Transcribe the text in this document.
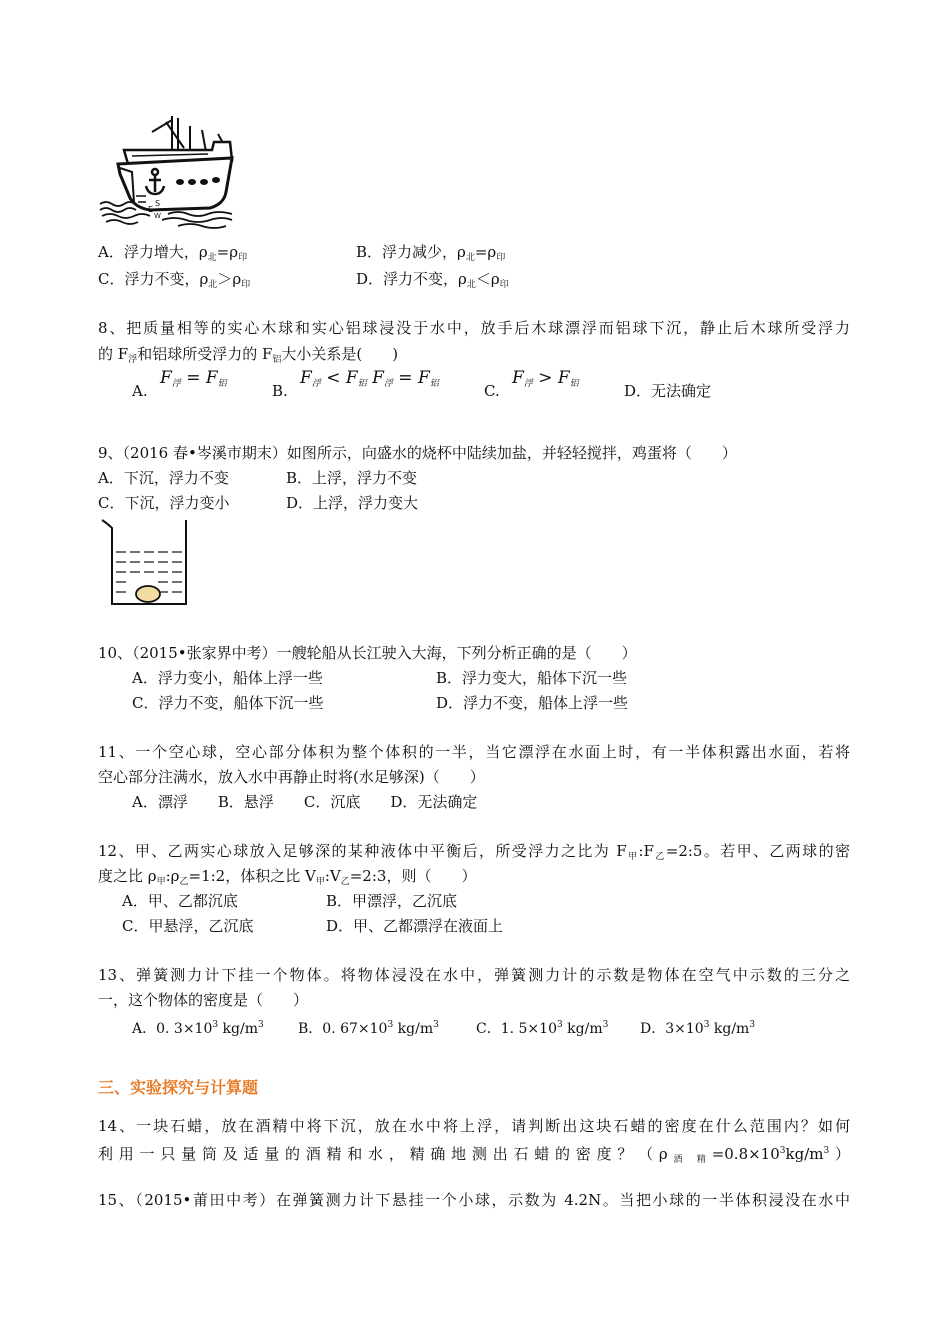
S
E
W
A．浮力增大，$\rho_北=\rho_印$	B．浮力减少，$\rho_北=\rho_印$
C．浮力不变，$\rho_北>\rho_印$	D．浮力不变，$\rho_北<\rho_印$
8、把质量相等的实心木球和实心铝球浸没于水中，放手后木球漂浮而铝球下沉，静止后木球所受浮力
的 $F_浮$和铝球所受浮力的 $F_铝$大小关系是(　　)
A.
$F_浮 = F_铝$	B.
$F_浮 < F_铝$ $F_浮 = F_铝$	C.
$F_浮 > F_铝$	D．无法确定
9、（2016 春•岑溪市期末）如图所示，向盛水的烧杯中陆续加盐，并轻轻搅拌，鸡蛋将（　　）
A．下沉，浮力不变	B．上浮，浮力不变
C．下沉，浮力变小	D．上浮，浮力变大
10、（2015•张家界中考）一艘轮船从长江驶入大海，下列分析正确的是（　　）
A．浮力变小，船体上浮一些	B．浮力变大，船体下沉一些
C．浮力不变，船体下沉一些	D．浮力不变，船体上浮一些
11、一个空心球，空心部分体积为整个体积的一半，当它漂浮在水面上时，有一半体积露出水面，若将
空心部分注满水，放入水中再静止时将(水足够深)（　　）
A．漂浮　　B．悬浮　　C．沉底　　D．无法确定
12、甲、乙两实心球放入足够深的某种液体中平衡后，所受浮力之比为 $F_甲:F_乙=2:5$。若甲、乙两球的密
度之比 $\rho_甲:\rho_乙=1:2$，体积之比 $V_甲:V_乙=2:3$，则（　　）
A．甲、乙都沉底	B．甲漂浮，乙沉底
C．甲悬浮，乙沉底	D．甲、乙都漂浮在液面上
13、弹簧测力计下挂一个物体。将物体浸没在水中，弹簧测力计的示数是物体在空气中示数的三分之
一，这个物体的密度是（　　）
A．0. $3\times 10^3$ $kg/m^3$ B．0. $67\times 10^3$ $kg/m^3$	C．1. $5\times 10^3$ $kg/m^3$ D．$3\times 10^3$ $kg/m^3$
三、实验探究与计算题
14、一块石蜡，放在酒精中将下沉，放在水中将上浮，请判断出这块石蜡的密度在什么范围内？如何
利用一只量筒及适量的酒精和水，精确地测出石蜡的密度？$(\rho_{酒 精}=0.8\times 10^3kg/m^3)$
15、（2015•莆田中考）在弹簧测力计下悬挂一个小球，示数为 4.2N。当把小球的一半体积浸没在水中
